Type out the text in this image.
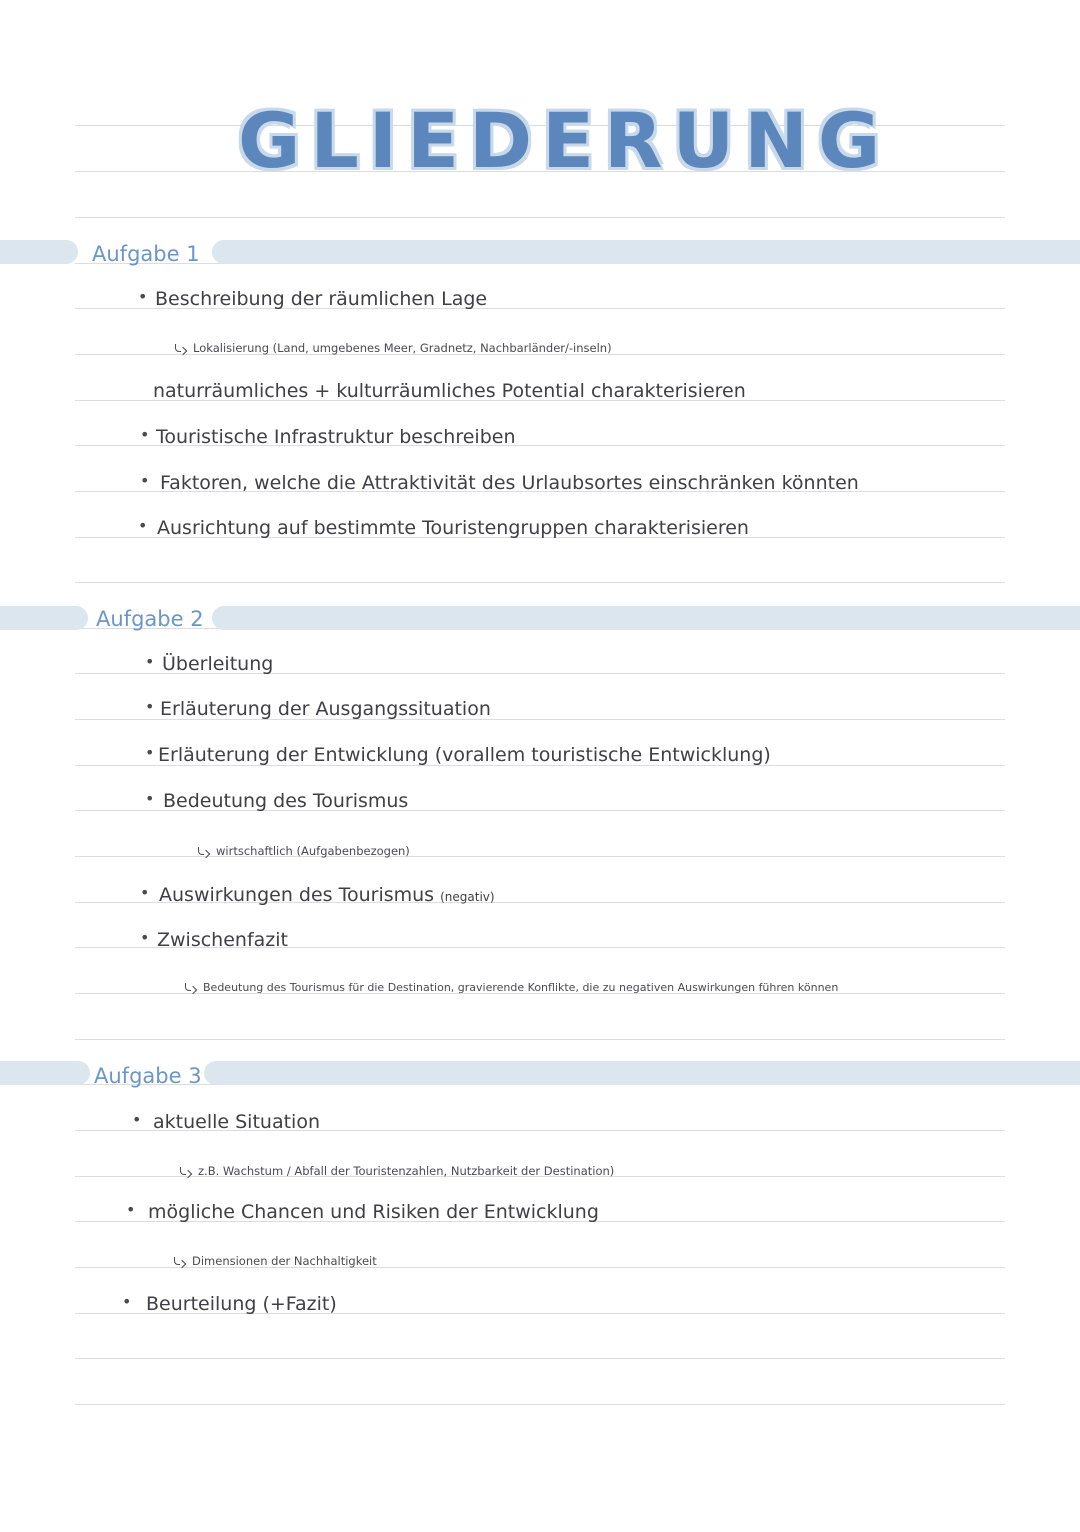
GLIEDERUNG
Aufgabe 1
• Beschreibung der räumlichen Lage
Lokalisierung (Land, umgebenes Meer, Gradnetz, Nachbarländer/-inseln)
naturräumliches + kulturräumliches Potential charakterisieren
• Touristische Infrastruktur beschreiben
• Faktoren, welche die Attraktivität des Urlaubsortes einschränken könnten
• Ausrichtung auf bestimmte Touristengruppen charakterisieren
Aufgabe 2
• Überleitung
• Erläuterung der Ausgangssituation
• Erläuterung der Entwicklung (vorallem touristische Entwicklung)
• Bedeutung des Tourismus
wirtschaftlich (Aufgabenbezogen)
• Auswirkungen des Tourismus (negativ)
• Zwischenfazit
Bedeutung des Tourismus für die Destination, gravierende Konflikte, die zu negativen Auswirkungen führen können
Aufgabe 3
• aktuelle Situation
z.B. Wachstum / Abfall der Touristenzahlen, Nutzbarkeit der Destination)
• mögliche Chancen und Risiken der Entwicklung
Dimensionen der Nachhaltigkeit
• Beurteilung (+Fazit)
